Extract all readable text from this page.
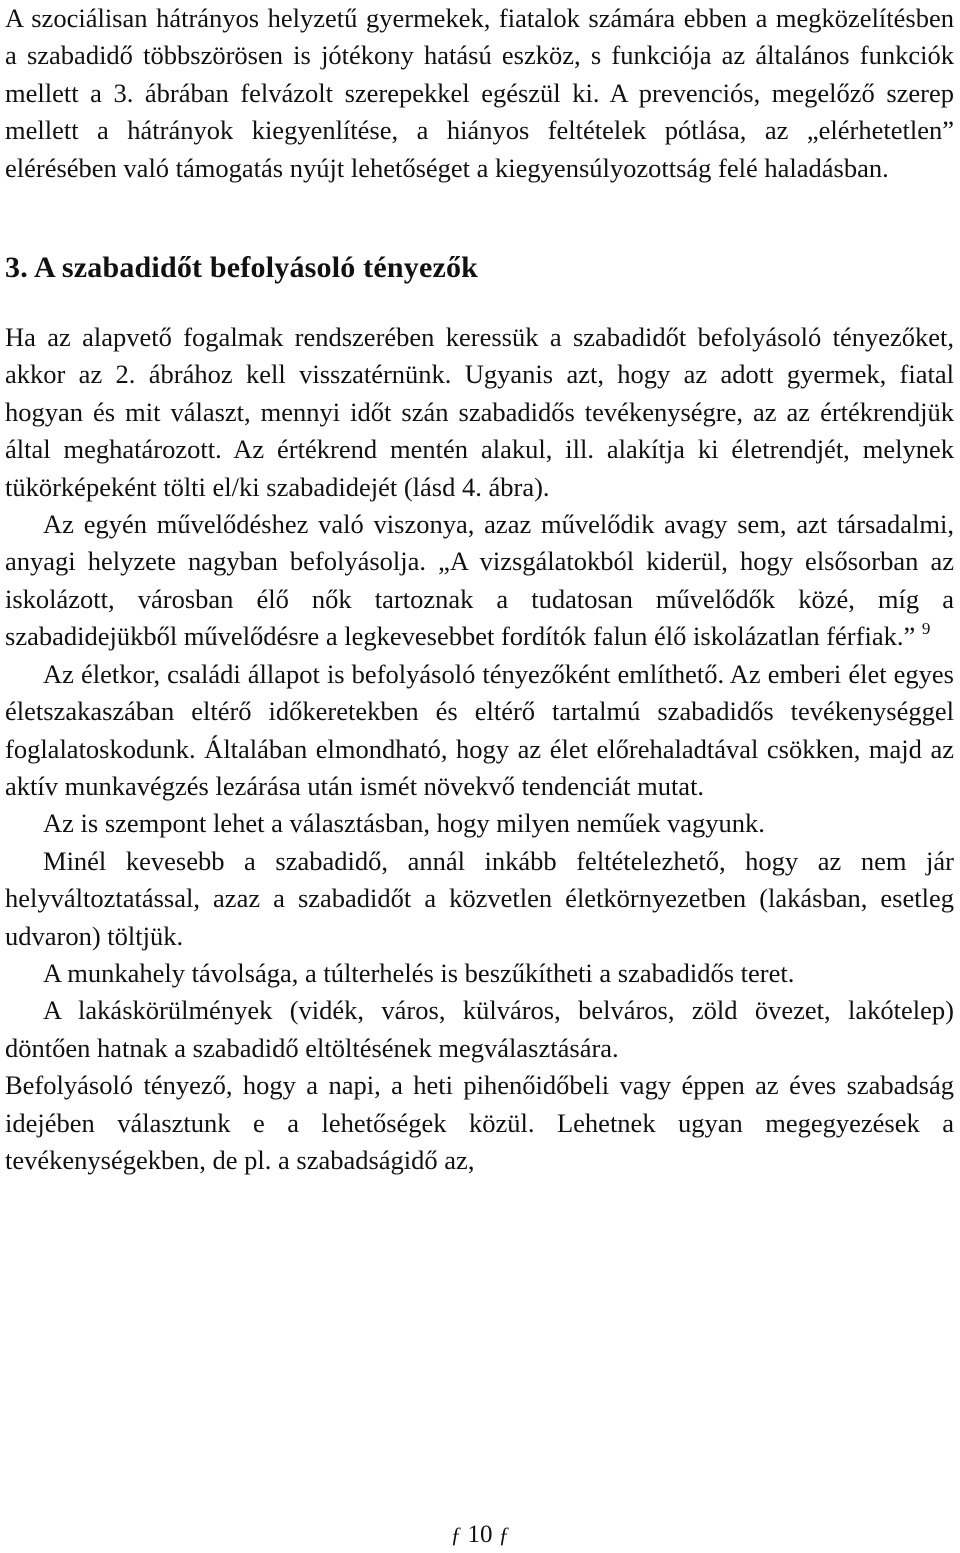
A szociálisan hátrányos helyzetű gyermekek, fiatalok számára ebben a megközelítésben a szabadidő többszörösen is jótékony hatású eszköz, s funkciója az általános funkciók mellett a 3. ábrában felvázolt szerepekkel egészül ki. A prevenciós, megelőző szerep mellett a hátrányok kiegyenlítése, a hiányos feltételek pótlása, az „elérhetetlen” elérésében való támogatás nyújt lehetőséget a kiegyensúlyozottság felé haladásban.

3. A szabadidőt befolyásoló tényezők

Ha az alapvető fogalmak rendszerében keressük a szabadidőt befolyásoló tényezőket, akkor az 2. ábrához kell visszatérnünk. Ugyanis azt, hogy az adott gyermek, fiatal hogyan és mit választ, mennyi időt szán szabadidős tevékenységre, az az értékrendjük által meghatározott. Az értékrend mentén alakul, ill. alakítja ki életrendjét, melynek tükörképeként tölti el/ki szabadidejét (lásd 4. ábra).

Az egyén művelődéshez való viszonya, azaz művelődik avagy sem, azt társadalmi, anyagi helyzete nagyban befolyásolja. „A vizsgálatokból kiderül, hogy elsősorban az iskolázott, városban élő nők tartoznak a tudatosan művelődők közé, míg a szabadidejükből művelődésre a legkevesebbet fordítók falun élő iskolázatlan férfiak.” $^9$

Az életkor, családi állapot is befolyásoló tényezőként említhető. Az emberi élet egyes életszakaszában eltérő időkeretekben és eltérő tartalmú szabadidős tevékenységgel foglalatoskodunk. Általában elmondható, hogy az élet előrehaladtával csökken, majd az aktív munkavégzés lezárása után ismét növekvő tendenciát mutat.

Az is szempont lehet a választásban, hogy milyen neműek vagyunk.

Minél kevesebb a szabadidő, annál inkább feltételezhető, hogy az nem jár helyváltoztatással, azaz a szabadidőt a közvetlen életkörnyezetben (lakásban, esetleg udvaron) töltjük.

A munkahely távolsága, a túlterhelés is beszűkítheti a szabadidős teret.

A lakáskörülmények (vidék, város, külváros, belváros, zöld övezet, lakótelep) döntően hatnak a szabadidő eltöltésének megválasztására.

Befolyásoló tényező, hogy a napi, a heti pihenőidőbeli vagy éppen az éves szabadság idejében választunk e a lehetőségek közül. Lehetnek ugyan megegyezések a tevékenységekben, de pl. a szabadságidő az,

ƒ 10 ƒ
